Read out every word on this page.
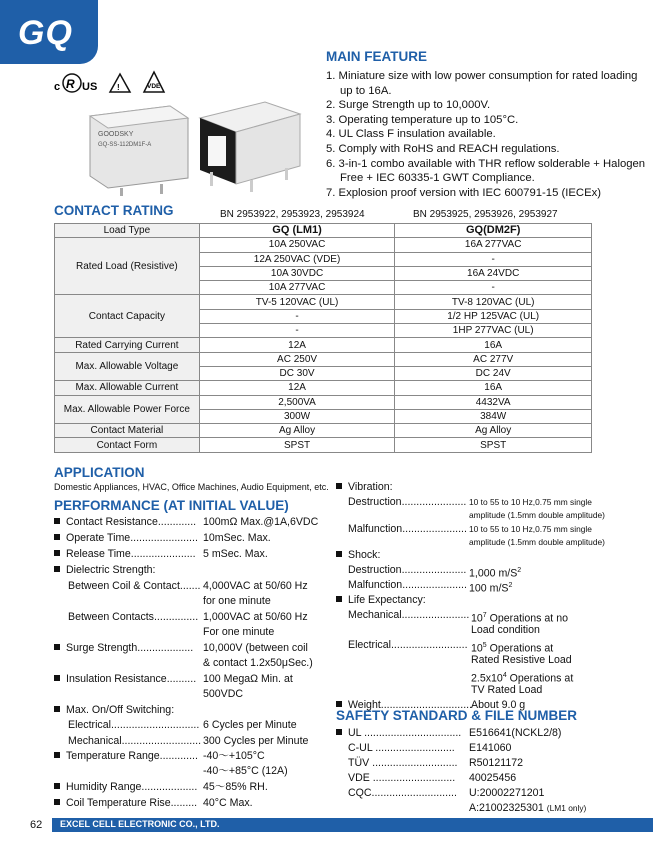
GQ
c R US !	VDE
GOODSKY
GQ-SS-112DM1F-A
MAIN FEATURE
1. Miniature size with low power consumption for rated loading up to 16A.
2. Surge Strength up to 10,000V.
3. Operating temperature up to 105°C.
4. UL Class F insulation available.
5. Comply with RoHS and REACH regulations.
6. 3-in-1 combo available with THR reflow solderable + Halogen Free + IEC 60335-1 GWT Compliance.
7. Explosion proof version with IEC 600791-15 (IECEx)
CONTACT RATING	BN 2953922, 2953923, 2953924	BN 2953925, 2953926, 2953927
Load Type	GQ (LM1)	GQ(DM2F)
Rated Load (Resistive)	10A 250VAC	16A 277VAC
	12A 250VAC (VDE)	-
	10A 30VDC	16A 24VDC
	10A 277VAC	-
Contact Capacity	TV-5 120VAC (UL)	TV-8 120VAC (UL)
	-	1/2 HP 125VAC (UL)
	-	1HP 277VAC (UL)
Rated Carrying Current	12A	16A
Max. Allowable Voltage	AC 250V	AC 277V
	DC 30V	DC 24V
Max. Allowable Current	12A	16A
Max. Allowable Power Force	2,500VA	4432VA
	300W	384W
Contact Material	Ag Alloy	Ag Alloy
Contact Form	SPST	SPST
APPLICATION
Domestic Appliances, HVAC, Office Machines, Audio Equipment, etc.
PERFORMANCE (AT INITIAL VALUE)
Contact Resistance............. 100mΩ Max.@1A,6VDC
Operate Time....................... 10mSec. Max.
Release Time...................... 5 mSec. Max.
Dielectric Strength:
Between Coil & Contact....... 4,000VAC at 50/60 Hz
for one minute
Between Contacts............... 1,000VAC at 50/60 Hz
For one minute
Surge Strength................... 10,000V (between coil
& contact 1.2x50μSec.)
Insulation Resistance.......... 100 MegaΩ Min. at
500VDC
Max. On/Off Switching:
Electrical.............................. 6 Cycles per Minute
Mechanical........................... 300 Cycles per Minute
Temperature Range............. -40～+105°C
-40～+85°C (12A)
Humidity Range................... 45～85% RH.
Coil Temperature Rise......... 40°C Max.
Vibration:
Destruction...................... 10 to 55 to 10 Hz,0.75 mm single
amplitude (1.5mm double amplitude)
Malfunction...................... 10 to 55 to 10 Hz,0.75 mm single
amplitude (1.5mm double amplitude)
Shock:
Destruction...................... 1,000 $m/S^2$
Malfunction...................... 100 $m/S^2$
Life Expectancy:
Mechanical....................... $10^7$ Operations at no
Load condition
Electrical.......................... $10^5$ Operations at
Rated Resistive Load
$2.5x10^4$ Operations at
TV Rated Load
Weight...............................
About 9.0 g
SAFETY STANDARD & FILE NUMBER
UL ................................. E516641(NCKL2/8)
C-UL ........................... E141060
TÜV ............................. R50121172
VDE ............................ 40025456
CQC............................. U:20002271201
A:21002325301 (LM1 only)
62 EXCEL CELL ELECTRONIC CO., LTD.
